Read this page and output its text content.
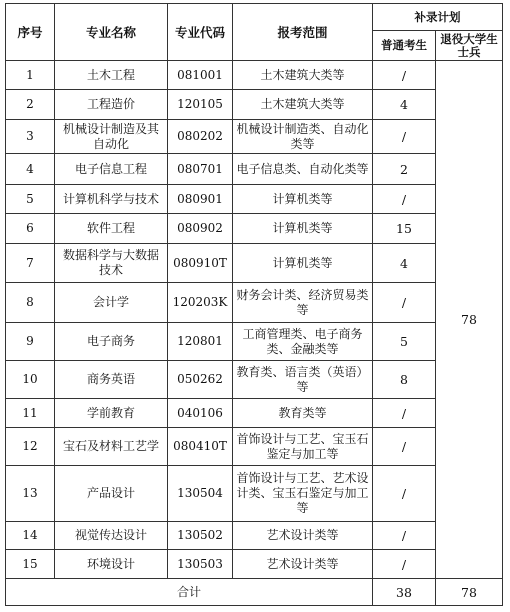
序号	专业名称	专业代码	报考范围	补录计划	
				普通考生	退役大学生士兵
1	土木工程	081001	土木建筑大类等	/	78
2	工程造价	120105	土木建筑大类等	4	
3	机械设计制造及其自动化	080202	机械设计制造类、自动化类等	/	
4	电子信息工程	080701	电子信息类、自动化类等	2	
5	计算机科学与技术	080901	计算机类等	/	
6	软件工程	080902	计算机类等	15	
7	数据科学与大数据技术	080910T	计算机类等	4	
8	会计学	120203K	财务会计类、经济贸易类等	/	
9	电子商务	120801	工商管理类、电子商务类、金融类等	5	
10	商务英语	050262	教育类、语言类（英语）等	8	
11	学前教育	040106	教育类等	/	
12	宝石及材料工艺学	080410T	首饰设计与工艺、宝玉石鉴定与加工等	/	
13	产品设计	130504	首饰设计与工艺、艺术设计类、宝玉石鉴定与加工等	/	
14	视觉传达设计	130502	艺术设计类等	/	
15	环境设计	130503	艺术设计类等	/	
合计				38	78
